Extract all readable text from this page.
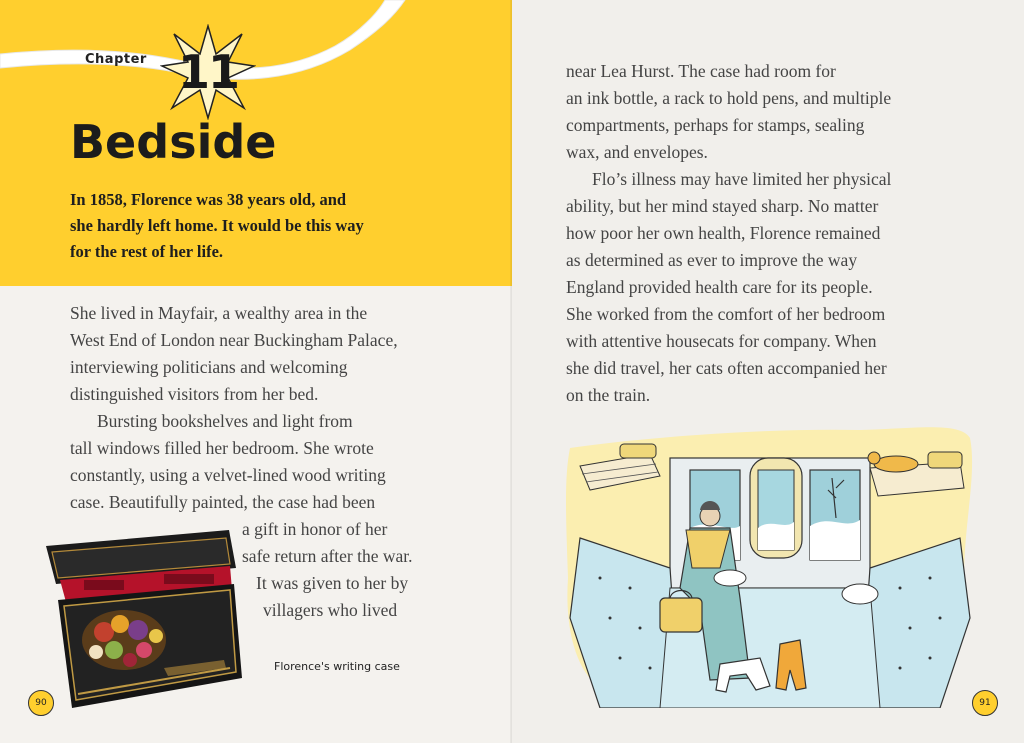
Chapter 11
Bedside
In 1858, Florence was 38 years old, and
she hardly left home. It would be this way
for the rest of her life.
She lived in Mayfair, a wealthy area in the
West End of London near Buckingham Palace,
interviewing politicians and welcoming
distinguished visitors from her bed.
Bursting bookshelves and light from
tall windows filled her bedroom. She wrote
constantly, using a velvet-lined wood writing
case. Beautifully painted, the case had been
a gift in honor of her
safe return after the war.
It was given to her by
villagers who lived
Florence's writing case
90
near Lea Hurst. The case had room for
an ink bottle, a rack to hold pens, and multiple
compartments, perhaps for stamps, sealing
wax, and envelopes.
Flo’s illness may have limited her physical
ability, but her mind stayed sharp. No matter
how poor her own health, Florence remained
as determined as ever to improve the way
England provided health care for its people.
She worked from the comfort of her bedroom
with attentive housecats for company. When
she did travel, her cats often accompanied her
on the train.
91
